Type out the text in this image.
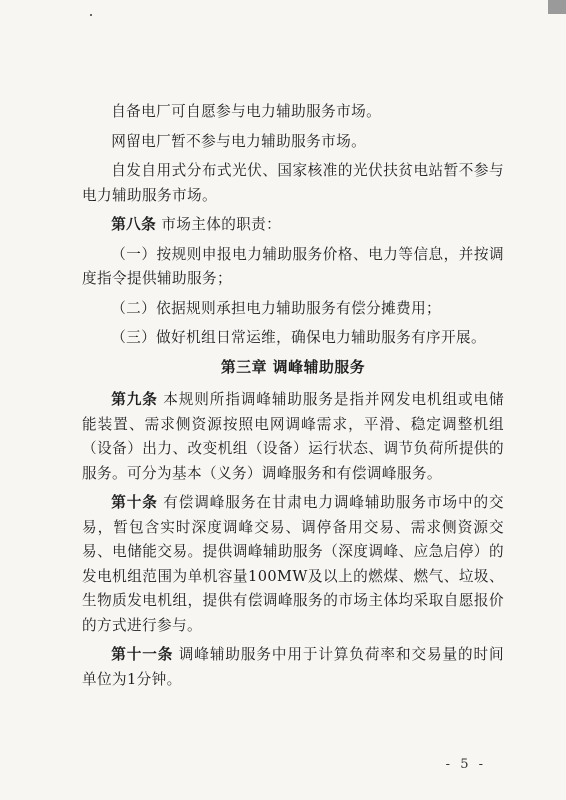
自备电厂可自愿参与电力辅助服务市场。

网留电厂暂不参与电力辅助服务市场。

自发自用式分布式光伏、国家核准的光伏扶贫电站暂不参与电力辅助服务市场。

第八条 市场主体的职责：

（一）按规则申报电力辅助服务价格、电力等信息，并按调度指令提供辅助服务；

（二）依据规则承担电力辅助服务有偿分摊费用；

（三）做好机组日常运维，确保电力辅助服务有序开展。

第三章 调峰辅助服务

第九条 本规则所指调峰辅助服务是指并网发电机组或电储能装置、需求侧资源按照电网调峰需求，平滑、稳定调整机组（设备）出力、改变机组（设备）运行状态、调节负荷所提供的服务。可分为基本（义务）调峰服务和有偿调峰服务。

第十条 有偿调峰服务在甘肃电力调峰辅助服务市场中的交易，暂包含实时深度调峰交易、调停备用交易、需求侧资源交易、电储能交易。提供调峰辅助服务（深度调峰、应急启停）的发电机组范围为单机容量100MW及以上的燃煤、燃气、垃圾、生物质发电机组，提供有偿调峰服务的市场主体均采取自愿报价的方式进行参与。

第十一条 调峰辅助服务中用于计算负荷率和交易量的时间单位为1分钟。

- 5 -
